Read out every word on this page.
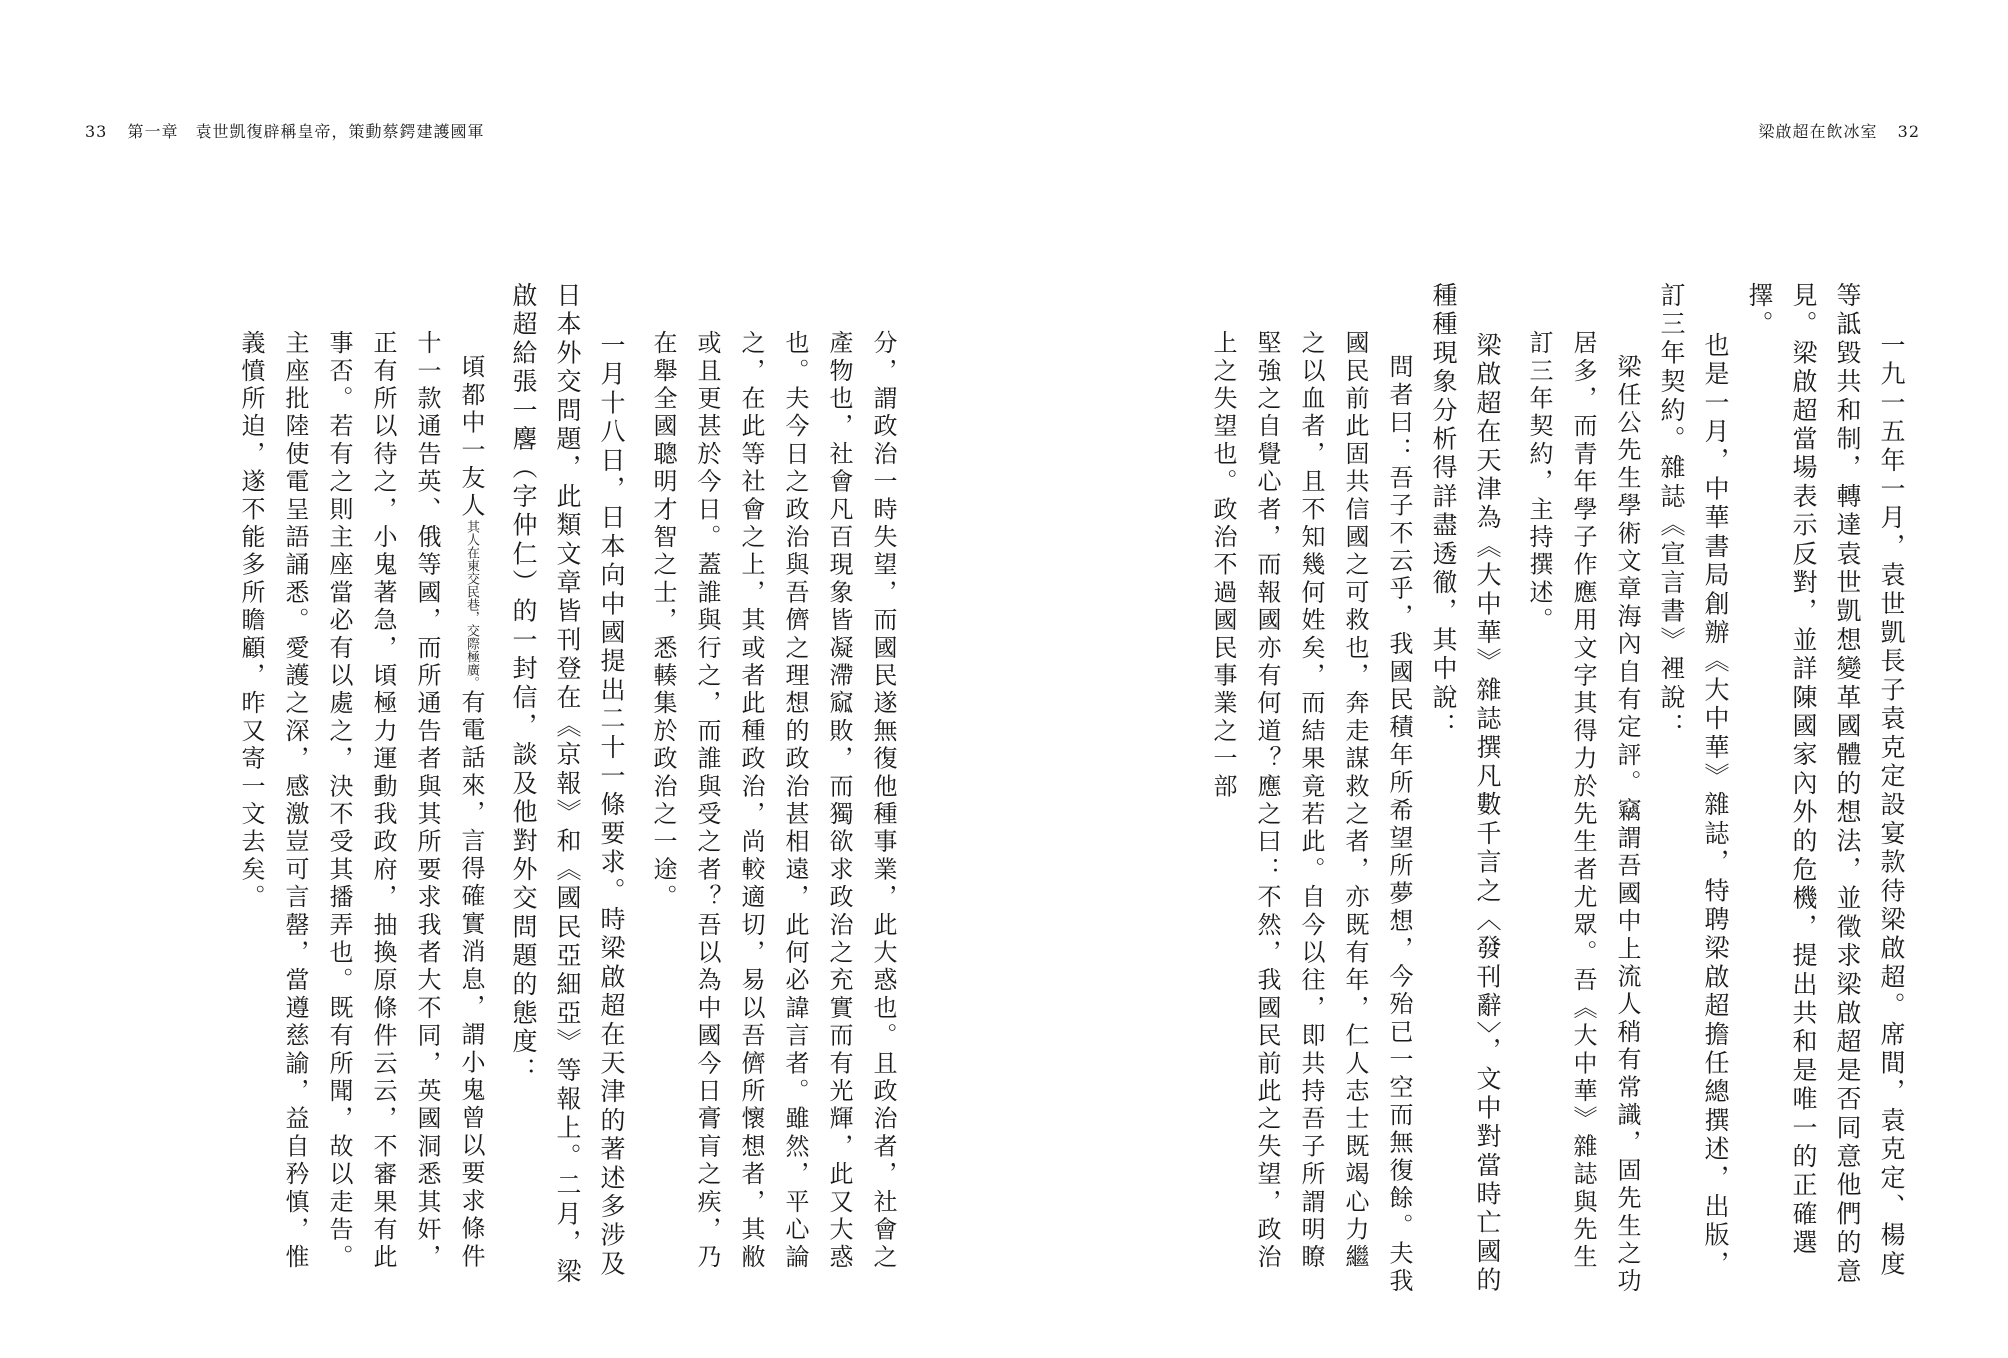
33 第一章　袁世凱復辟稱皇帝，策動蔡鍔建護國軍	梁啟超在飲冰室 32

一九一五年一月，袁世凱長子袁克定設宴款待梁啟超。席間，袁克定、楊度等詆毀共和制，轉達袁世凱想變革國體的想法，並徵求梁啟超是否同意他們的意見。梁啟超當場表示反對，並詳陳國家內外的危機，提出共和是唯一的正確選擇。

也是一月，中華書局創辦《大中華》雜誌，特聘梁啟超擔任總撰述，出版，訂三年契約。雜誌《宣言書》裡說：

梁任公先生學術文章海內自有定評。竊謂吾國中上流人稍有常識，固先生之功居多，而青年學子作應用文字其得力於先生者尤眾。吾《大中華》雜誌與先生訂三年契約，主持撰述。

梁啟超在天津為《大中華》雜誌撰凡數千言之〈發刊辭〉，文中對當時亡國的種種現象分析得詳盡透徹，其中說：

問者曰：吾子不云乎，我國民積年所希望所夢想，今殆已一空而無復餘。夫我國民前此固共信國之可救也，奔走謀救之者，亦既有年，仁人志士既竭心力繼之以血者，且不知幾何姓矣，而結果竟若此。自今以往，即共持吾子所謂明瞭堅強之自覺心者，而報國亦有何道？應之曰：不然，我國民前此之失望，政治上之失望也。政治不過國民事業之一部

分，謂政治一時失望，而國民遂無復他種事業，此大惑也。且政治者，社會之產物也，社會凡百現象皆凝滯窳敗，而獨欲求政治之充實而有光輝，此又大惑也。夫今日之政治與吾儕之理想的政治甚相遠，此何必諱言者。雖然，平心論之，在此等社會之上，其或者此種政治，尚較適切，易以吾儕所懷想者，其敝或且更甚於今日。蓋誰與行之，而誰與受之者？吾以為中國今日膏肓之疾，乃在舉全國聰明才智之士，悉輳集於政治之一途。

一月十八日，日本向中國提出二十一條要求。時梁啟超在天津的著述多涉及日本外交問題，此類文章皆刊登在《京報》和《國民亞細亞》等報上。二月，梁啟超給張一麐（字仲仁）的一封信，談及他對外交問題的態度：

頃都中一友人其人在東交民巷，交際極廣。有電話來，言得確實消息，謂小鬼曾以要求條件十一款通告英、俄等國，而所通告者與其所要求我者大不同，英國洞悉其奸，正有所以待之，小鬼著急，頃極力運動我政府，抽換原條件云云，不審果有此事否。若有之則主座當必有以處之，決不受其播弄也。既有所聞，故以走告。主座批陸使電呈語誦悉。愛護之深，感激豈可言罄，當遵慈諭，益自矜慎，惟義憤所迫，遂不能多所瞻顧，昨又寄一文去矣。
